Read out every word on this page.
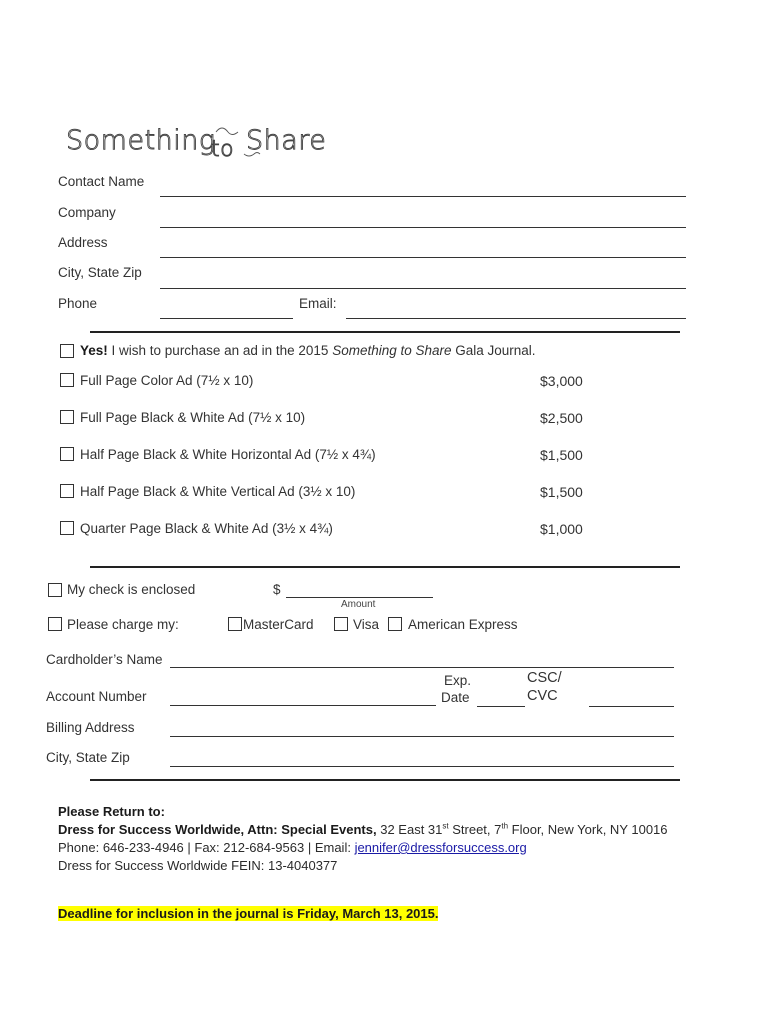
Something
to Share
Contact Name
Company
Address
City, State Zip
Phone	Email:
Yes! I wish to purchase an ad in the 2015 Something to Share Gala Journal.
Full Page Color Ad (7½ x 10)	$3,000
Full Page Black & White Ad (7½ x 10)	$2,500
Half Page Black & White Horizontal Ad (7½ x 4¾)	$1,500
Half Page Black & White Vertical Ad (3½ x 10)	$1,500
Quarter Page Black & White Ad (3½ x 4¾)	$1,000
My check is enclosed	$
Amount
Please charge my:	MasterCard	Visa American Express
Cardholder’s Name
Account Number
Exp.
Date
CSC/
CVC
Billing Address
City, State Zip
Please Return to:
Dress for Success Worldwide, Attn: Special Events, 32 East 31st Street, 7th Floor, New York, NY 10016
Phone: 646-233-4946 | Fax: 212-684-9563 | Email: jennifer@dressforsuccess.org
Dress for Success Worldwide FEIN: 13-4040377
Deadline for inclusion in the journal is Friday, March 13, 2015.
